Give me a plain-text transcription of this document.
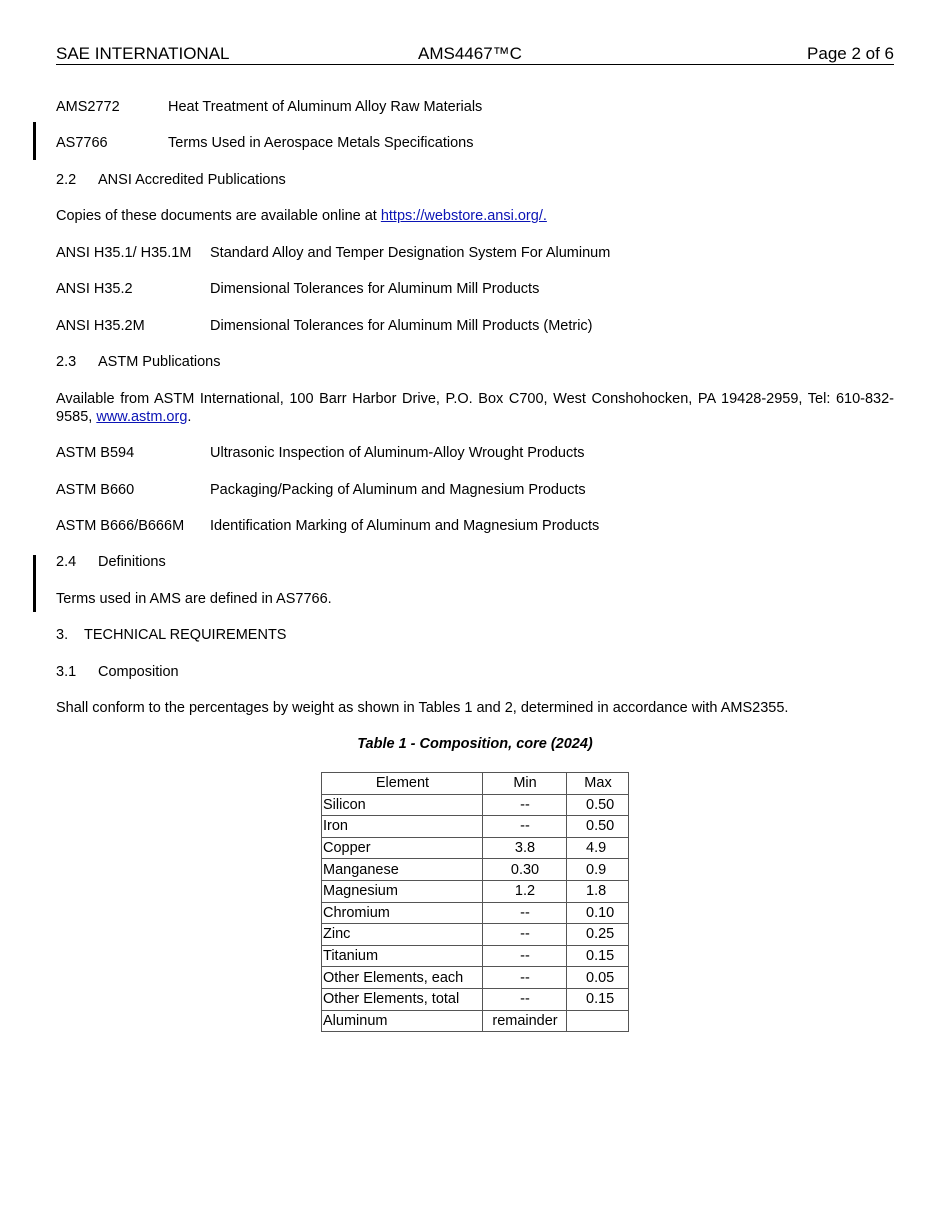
SAE INTERNATIONAL	AMS4467™C	Page 2 of 6
AMS2772	Heat Treatment of Aluminum Alloy Raw Materials
AS7766	Terms Used in Aerospace Metals Specifications
2.2 ANSI Accredited Publications
Copies of these documents are available online at https://webstore.ansi.org/.
ANSI H35.1/ H35.1M Standard Alloy and Temper Designation System For Aluminum
ANSI H35.2	Dimensional Tolerances for Aluminum Mill Products
ANSI H35.2M	Dimensional Tolerances for Aluminum Mill Products (Metric)
2.3 ASTM Publications
Available from ASTM International, 100 Barr Harbor Drive, P.O. Box C700, West Conshohocken, PA 19428-2959, Tel: 610-832-9585, www.astm.org.
ASTM B594	Ultrasonic Inspection of Aluminum-Alloy Wrought Products
ASTM B660	Packaging/Packing of Aluminum and Magnesium Products
ASTM B666/B666M Identification Marking of Aluminum and Magnesium Products
2.4 Definitions
Terms used in AMS are defined in AS7766.
3. TECHNICAL REQUIREMENTS
3.1 Composition
Shall conform to the percentages by weight as shown in Tables 1 and 2, determined in accordance with AMS2355.
Table 1 - Composition, core (2024)
Element	Min	Max
Silicon	--	0.50
Iron	--	0.50
Copper	3.8	4.9
Manganese	0.30	0.9
Magnesium	1.2	1.8
Chromium	--	0.10
Zinc	--	0.25
Titanium	--	0.15
Other Elements, each	--	0.05
Other Elements, total	--	0.15
Aluminum	remainder	
